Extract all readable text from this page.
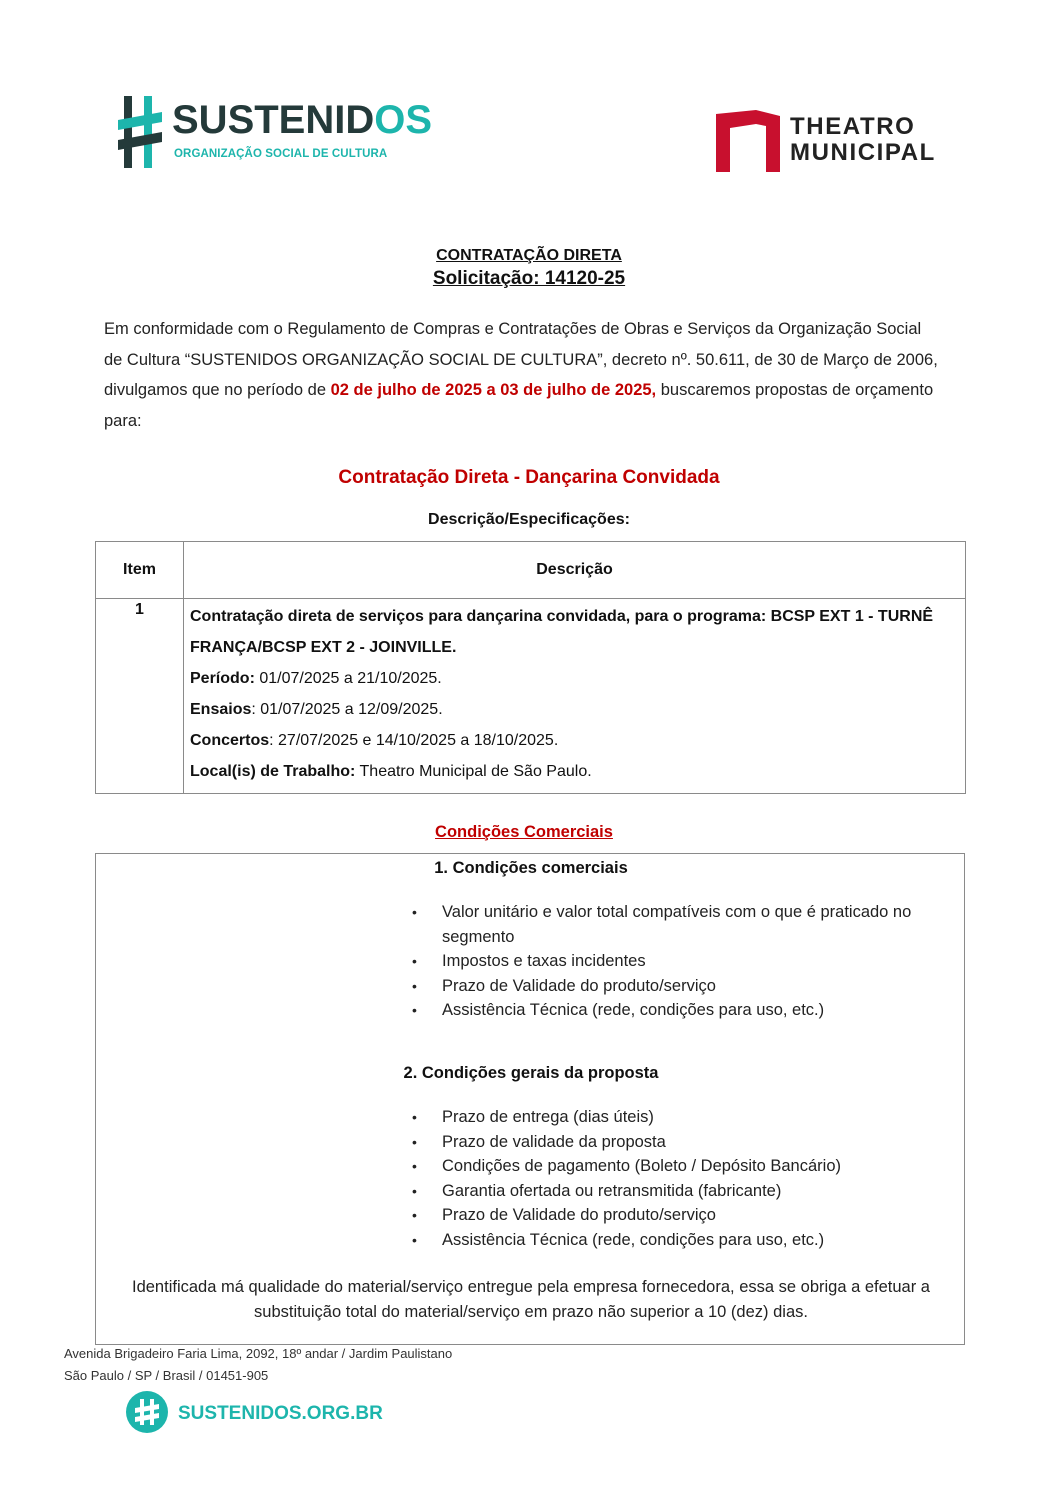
SUSTENIDOS
ORGANIZAÇÃO SOCIAL DE CULTURA
THEATRO
MUNICIPAL
CONTRATAÇÃO DIRETA
Solicitação: 14120-25
Em conformidade com o Regulamento de Compras e Contratações de Obras e Serviços da Organização Social de Cultura “SUSTENIDOS ORGANIZAÇÃO SOCIAL DE CULTURA”, decreto nº. 50.611, de 30 de Março de 2006, divulgamos que no período de 02 de julho de 2025 a 03 de julho de 2025, buscaremos propostas de orçamento para:
Contratação Direta - Dançarina Convidada
Descrição/Especificações:
Item	Descrição
1	Contratação direta de serviços para dançarina convidada, para o programa: BCSP EXT 1 - TURNÊ FRANÇA/BCSP EXT 2 - JOINVILLE.
Período: 01/07/2025 a 21/10/2025.
Ensaios: 01/07/2025 a 12/09/2025.
Concertos: 27/07/2025 e 14/10/2025 a 18/10/2025.
Local(is) de Trabalho: Theatro Municipal de São Paulo.
Condições Comerciais
1. Condições comerciais
• Valor unitário e valor total compatíveis com o que é praticado no segmento
• Impostos e taxas incidentes
• Prazo de Validade do produto/serviço
• Assistência Técnica (rede, condições para uso, etc.)
2. Condições gerais da proposta
• Prazo de entrega (dias úteis)
• Prazo de validade da proposta
• Condições de pagamento (Boleto / Depósito Bancário)
• Garantia ofertada ou retransmitida (fabricante)
• Prazo de Validade do produto/serviço
• Assistência Técnica (rede, condições para uso, etc.)
Identificada má qualidade do material/serviço entregue pela empresa fornecedora, essa se obriga a efetuar a substituição total do material/serviço em prazo não superior a 10 (dez) dias.
Avenida Brigadeiro Faria Lima, 2092, 18º andar / Jardim Paulistano
São Paulo / SP / Brasil / 01451-905
SUSTENIDOS.ORG.BR
